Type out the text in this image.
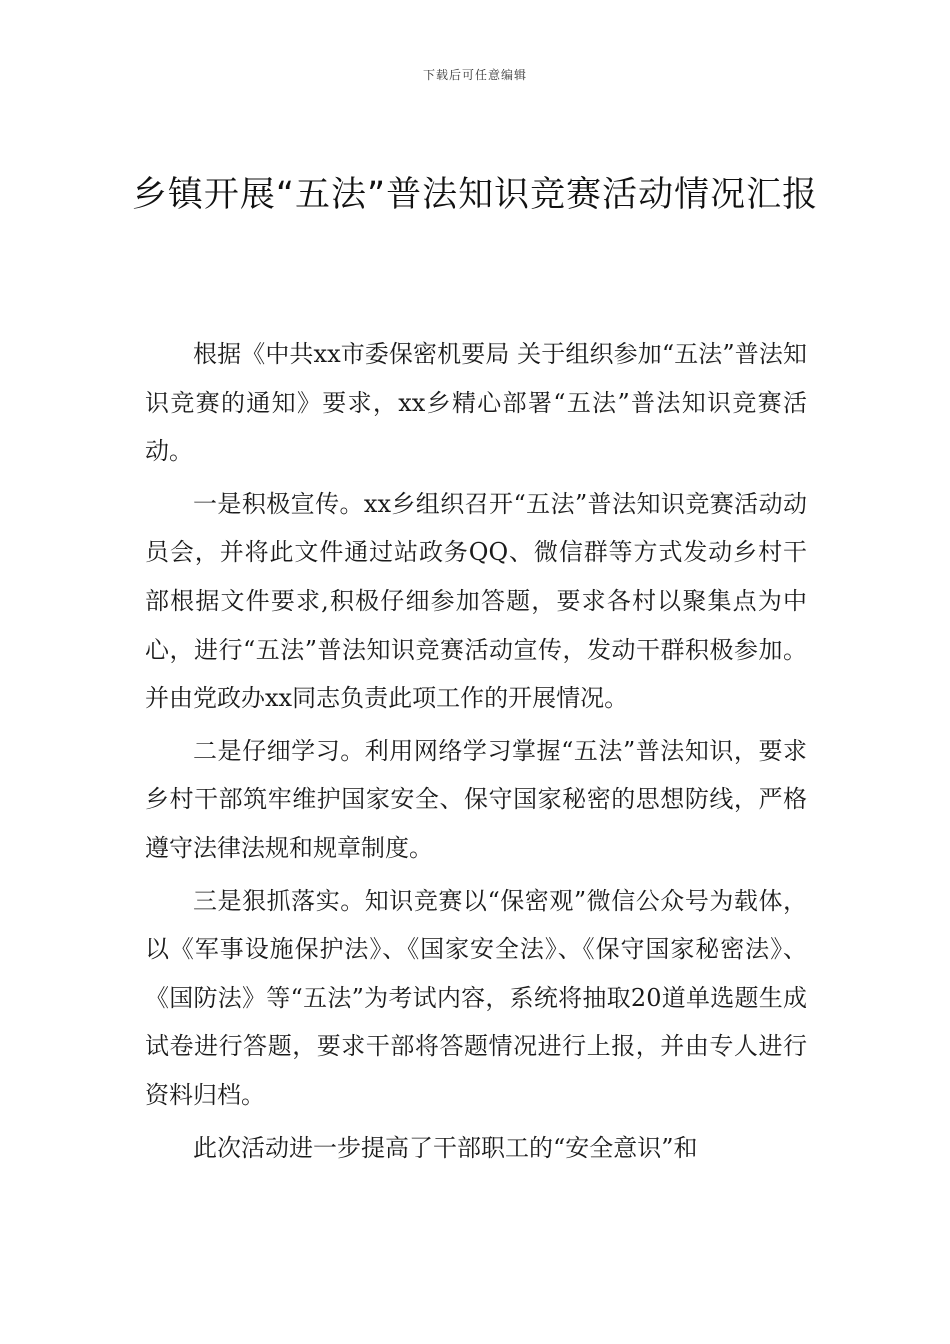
下载后可任意编辑
乡镇开展“五法”普法知识竞赛活动情况汇报

根据《中共xx市委保密机要局 关于组织参加“五法”普法知识竞赛的通知》要求，xx乡精心部署“五法”普法知识竞赛活动。

一是积极宣传。xx乡组织召开“五法”普法知识竞赛活动动员会，并将此文件通过站政务QQ、微信群等方式发动乡村干部根据文件要求,积极仔细参加答题，要求各村以聚集点为中心，进行“五法”普法知识竞赛活动宣传，发动干群积极参加。并由党政办xx同志负责此项工作的开展情况。

二是仔细学习。利用网络学习掌握“五法”普法知识，要求乡村干部筑牢维护国家安全、保守国家秘密的思想防线，严格遵守法律法规和规章制度。

三是狠抓落实。知识竞赛以“保密观”微信公众号为载体，以《军事设施保护法》、《国家安全法》、《保守国家秘密法》、《国防法》等“五法”为考试内容，系统将抽取20道单选题生成试卷进行答题，要求干部将答题情况进行上报，并由专人进行资料归档。

此次活动进一步提高了干部职工的“安全意识”和
